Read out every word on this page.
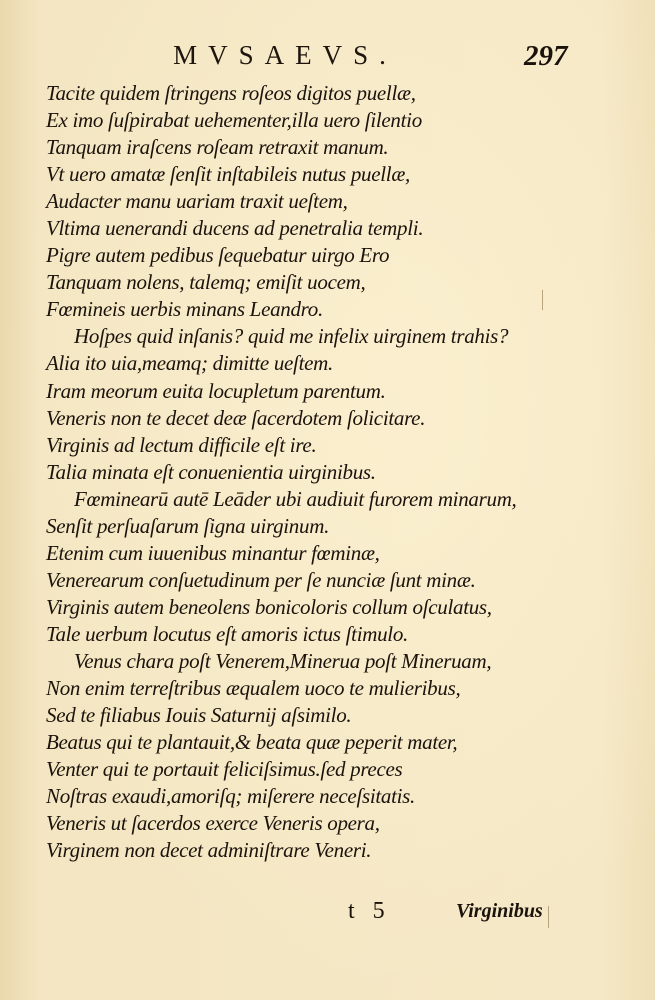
MVSAEVS.	297
Tacite quidem ſtringens roſeos digitos puellæ,
Ex imo ſuſpirabat uehementer,illa uero ſilentio
Tanquam iraſcens roſeam retraxit manum.
Vt uero amatæ ſenſit inſtabileis nutus puellæ,
Audacter manu uariam traxit ueſtem,
Vltima uenerandi ducens ad penetralia templi.
Pigre autem pedibus ſequebatur uirgo Ero
Tanquam nolens, talemq; emiſit uocem,
Fœmineis uerbis minans Leandro.
Hoſpes quid inſanis? quid me infelix uirginem trahis?
Alia ito uia,meamq; dimitte ueſtem.
Iram meorum euita locupletum parentum.
Veneris non te decet deæ ſacerdotem ſolicitare.
Virginis ad lectum difficile eſt ire.
Talia minata eſt conuenientia uirginibus.
Fœminearū autē Leāder ubi audiuit furorem minarum,
Senſit perſuaſarum ſigna uirginum.
Etenim cum iuuenibus minantur fœminæ,
Venerearum conſuetudinum per ſe nunciæ ſunt minæ.
Virginis autem beneolens bonicoloris collum oſculatus,
Tale uerbum locutus eſt amoris ictus ſtimulo.
Venus chara poſt Venerem,Minerua poſt Mineruam,
Non enim terreſtribus æqualem uoco te mulieribus,
Sed te filiabus Iouis Saturnij aſsimilo.
Beatus qui te plantauit,& beata quæ peperit mater,
Venter qui te portauit feliciſsimus.ſed preces
Noſtras exaudi,amoriſq; miſerere neceſsitatis.
Veneris ut ſacerdos exerce Veneris opera,
Virginem non decet adminiſtrare Veneri.
t 5	Virginibus
